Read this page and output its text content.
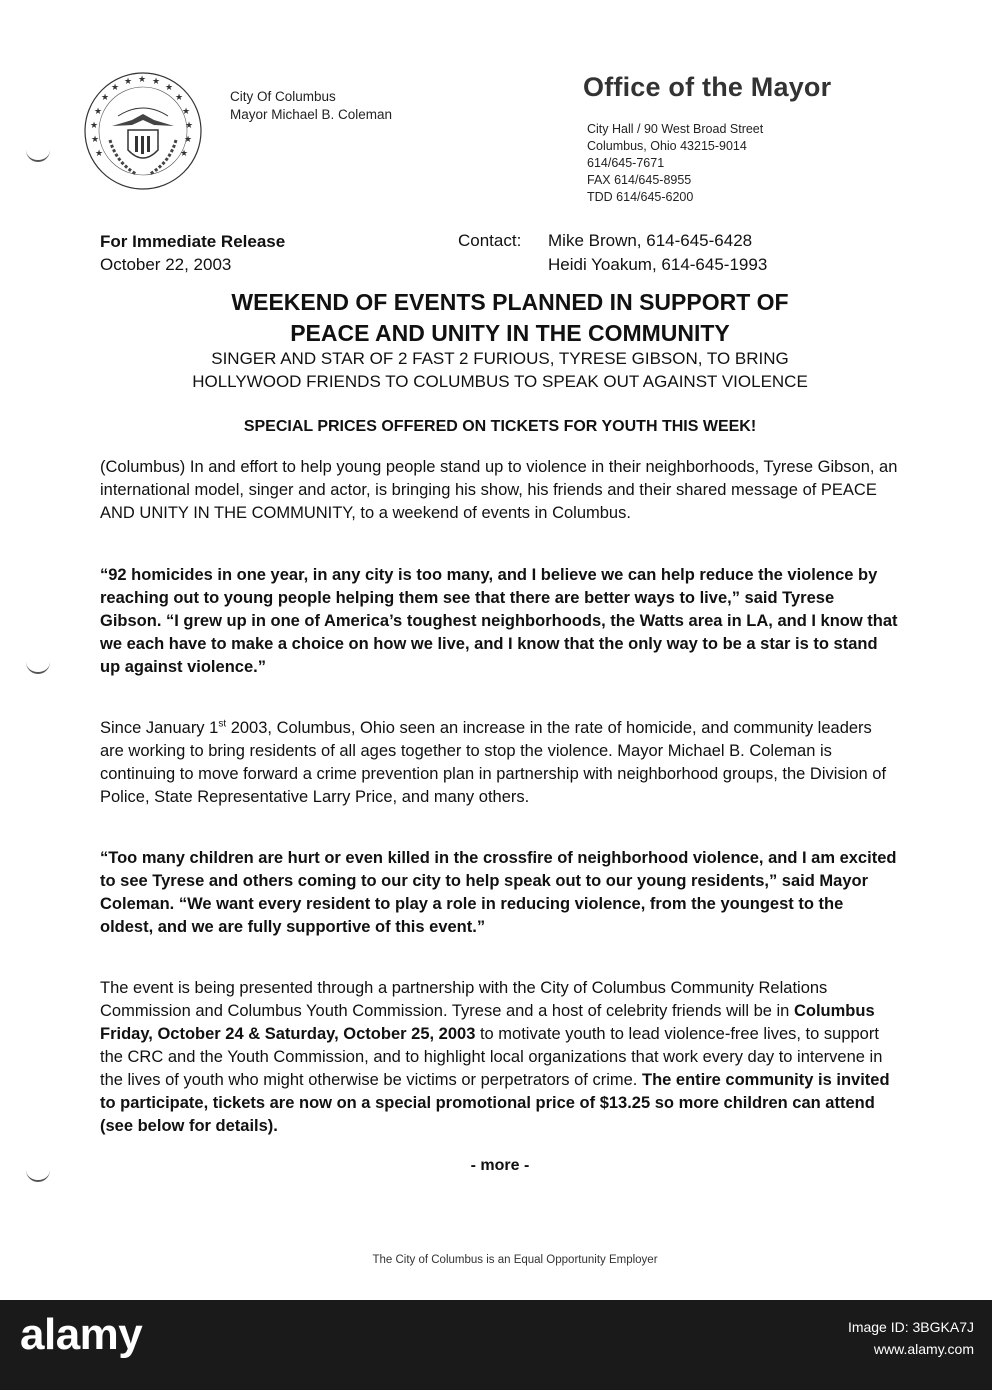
★ ★
★
★
★
★
★
★
★
★
★
★
★
★
★
City Of Columbus
Mayor Michael B. Coleman
Office of the Mayor
City Hall / 90 West Broad Street
Columbus, Ohio 43215-9014
614/645-7671
FAX 614/645-8955
TDD 614/645-6200
For Immediate Release
October 22, 2003
Contact:	Mike Brown, 614-645-6428
Heidi Yoakum, 614-645-1993
WEEKEND OF EVENTS PLANNED IN SUPPORT OF
PEACE AND UNITY IN THE COMMUNITY
SINGER AND STAR OF 2 FAST 2 FURIOUS, TYRESE GIBSON, TO BRING
HOLLYWOOD FRIENDS TO COLUMBUS TO SPEAK OUT AGAINST VIOLENCE
SPECIAL PRICES OFFERED ON TICKETS FOR YOUTH THIS WEEK!

(Columbus) In and effort to help young people stand up to violence in their neighborhoods, Tyrese Gibson, an international model, singer and actor, is bringing his show, his friends and their shared message of PEACE AND UNITY IN THE COMMUNITY, to a weekend of events in Columbus.

“92 homicides in one year, in any city is too many, and I believe we can help reduce the violence by reaching out to young people helping them see that there are better ways to live,” said Tyrese Gibson. “I grew up in one of America’s toughest neighborhoods, the Watts area in LA, and I know that we each have to make a choice on how we live, and I know that the only way to be a star is to stand up against violence.”

Since January 1st 2003, Columbus, Ohio seen an increase in the rate of homicide, and community leaders are working to bring residents of all ages together to stop the violence. Mayor Michael B. Coleman is continuing to move forward a crime prevention plan in partnership with neighborhood groups, the Division of Police, State Representative Larry Price, and many others.

“Too many children are hurt or even killed in the crossfire of neighborhood violence, and I am excited to see Tyrese and others coming to our city to help speak out to our young residents,” said Mayor Coleman. “We want every resident to play a role in reducing violence, from the youngest to the oldest, and we are fully supportive of this event.”

The event is being presented through a partnership with the City of Columbus Community Relations Commission and Columbus Youth Commission. Tyrese and a host of celebrity friends will be in Columbus Friday, October 24 & Saturday, October 25, 2003 to motivate youth to lead violence-free lives, to support the CRC and the Youth Commission, and to highlight local organizations that work every day to intervene in the lives of youth who might otherwise be victims or perpetrators of crime. The entire community is invited to participate, tickets are now on a special promotional price of $13.25 so more children can attend (see below for details).

- more -
The City of Columbus is an Equal Opportunity Employer
alamy	Image ID: 3BGKA7J
www.alamy.com
